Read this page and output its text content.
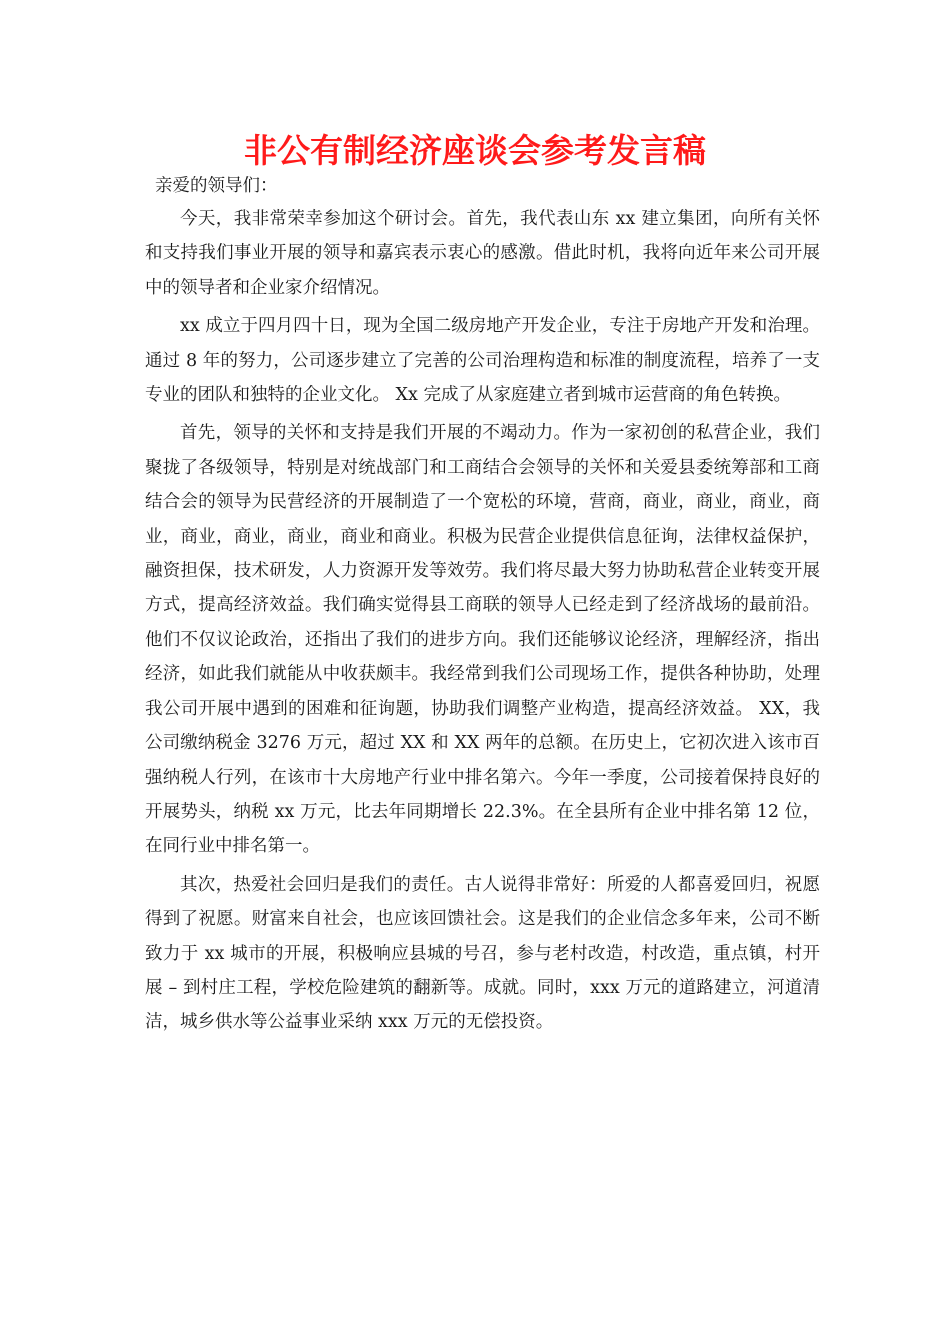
非公有制经济座谈会参考发言稿

亲爱的领导们：

今天，我非常荣幸参加这个研讨会。首先，我代表山东 xx 建立集团，向所有关怀和支持我们事业开展的领导和嘉宾表示衷心的感激。借此时机，我将向近年来公司开展中的领导者和企业家介绍情况。

xx 成立于四月四十日，现为全国二级房地产开发企业，专注于房地产开发和治理。通过 8 年的努力，公司逐步建立了完善的公司治理构造和标准的制度流程，培养了一支专业的团队和独特的企业文化。 Xx 完成了从家庭建立者到城市运营商的角色转换。

首先，领导的关怀和支持是我们开展的不竭动力。作为一家初创的私营企业，我们聚拢了各级领导，特别是对统战部门和工商结合会领导的关怀和关爱县委统筹部和工商结合会的领导为民营经济的开展制造了一个宽松的环境，营商，商业，商业，商业，商业，商业，商业，商业，商业和商业。积极为民营企业提供信息征询，法律权益保护，融资担保，技术研发，人力资源开发等效劳。我们将尽最大努力协助私营企业转变开展方式，提高经济效益。我们确实觉得县工商联的领导人已经走到了经济战场的最前沿。他们不仅议论政治，还指出了我们的进步方向。我们还能够议论经济，理解经济，指出经济，如此我们就能从中收获颇丰。我经常到我们公司现场工作，提供各种协助，处理我公司开展中遇到的困难和征询题，协助我们调整产业构造，提高经济效益。 XX，我公司缴纳税金 3276 万元，超过 XX 和 XX 两年的总额。在历史上，它初次进入该市百强纳税人行列，在该市十大房地产行业中排名第六。今年一季度，公司接着保持良好的开展势头，纳税 xx 万元，比去年同期增长 22.3%。在全县所有企业中排名第 12 位，在同行业中排名第一。

其次，热爱社会回归是我们的责任。古人说得非常好：所爱的人都喜爱回归，祝愿得到了祝愿。财富来自社会，也应该回馈社会。这是我们的企业信念多年来，公司不断致力于 xx 城市的开展，积极响应县城的号召，参与老村改造，村改造，重点镇，村开展 – 到村庄工程，学校危险建筑的翻新等。成就。同时，xxx 万元的道路建立，河道清洁，城乡供水等公益事业采纳 xxx 万元的无偿投资。
